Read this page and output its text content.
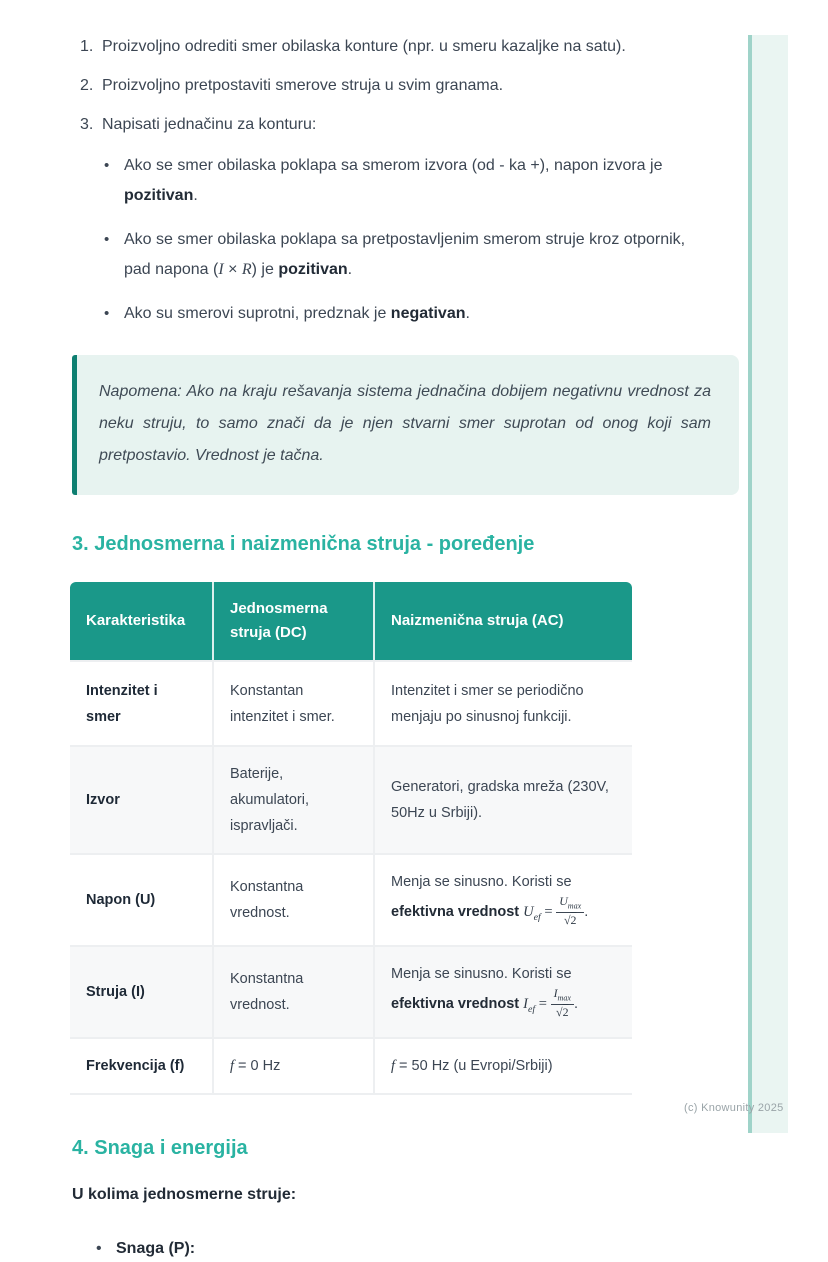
1. Proizvoljno odrediti smer obilaska konture (npr. u smeru kazaljke na satu).
2. Proizvoljno pretpostaviti smerove struja u svim granama.
3. Napisati jednačinu za konturu:
• Ako se smer obilaska poklapa sa smerom izvora (od - ka +), napon izvora je pozitivan.
• Ako se smer obilaska poklapa sa pretpostavljenim smerom struje kroz otpornik, pad napona (I × R) je pozitivan.
• Ako su smerovi suprotni, predznak je negativan.

Napomena: Ako na kraju rešavanja sistema jednačina dobijem negativnu vrednost za neku struju, to samo znači da je njen stvarni smer suprotan od onog koji sam pretpostavio. Vrednost je tačna.

3. Jednosmerna i naizmenična struja - poređenje
Karakteristika	Jednosmerna struja (DC)	Naizmenična struja (AC)
Intenzitet i smer	Konstantan intenzitet i smer.	Intenzitet i smer se periodično menjaju po sinusnoj funkciji.
Izvor	Baterije, akumulatori, ispravljači.	Generatori, gradska mreža (230V, 50Hz u Srbiji).
Napon (U)	Konstantna vrednost.	Menja se sinusno. Koristi se efektivna vrednost $U_{ef} = \frac{U_{max}}{√2}$ .
Struja (I)	Konstantna vrednost.	Menja se sinusno. Koristi se efektivna vrednost $I_{ef} = \frac{I_{max}}{√2}$ .
Frekvencija (f)	f = 0 Hz	f = 50 Hz (u Evropi/Srbiji)
4. Snaga i energija

U kolima jednosmerne struje:

• Snaga (P):
(c) Knowunity 2025
